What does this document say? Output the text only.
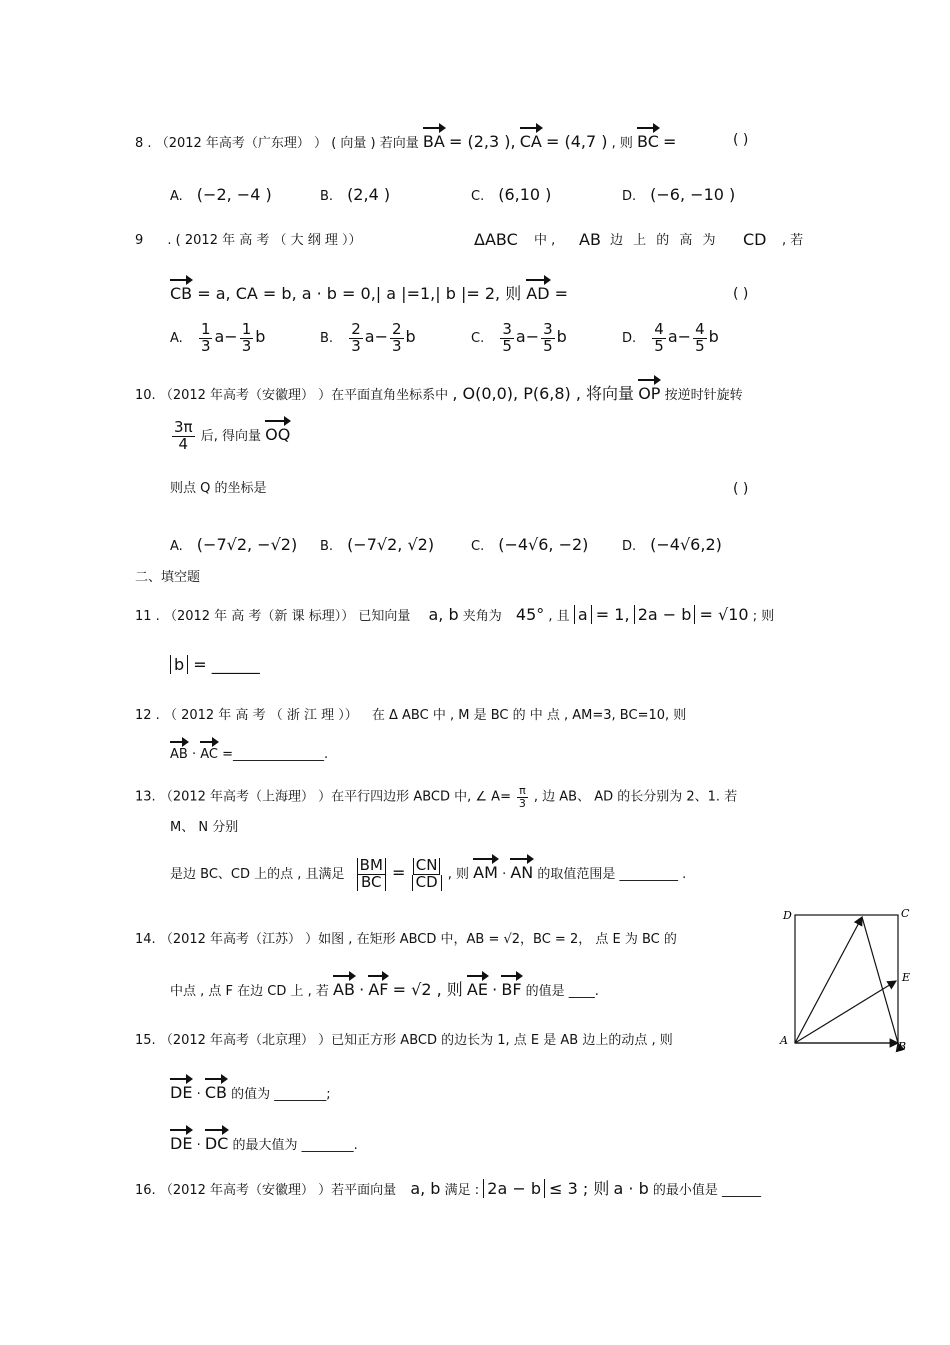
8 . （2012 年高考（广东理） ） ( 向量 ) 若向量 BA = (2,3 ), CA = (4,7 ) , 则 BC =	( )
A. (−2, −4 )	B. (2,4 )	C. (6,10 )	D. (−6, −10 )
9 . ( 2012 年 高 考 （ 大 纲 理 ））	ΔABC 中 , AB 边 上 的 高 为 CD , 若
CB = a, CA = b, a · b = 0,| a |=1,| b |= 2, 则 AD =	( )
A. $\frac{1}{3} a- \frac{1}{3}$ b	B. $\frac{2}{3} a- \frac{2}{3}$ b	C. $\frac{3}{5} a- \frac{3}{5}$ b	D. $\frac{4}{5} a- \frac{4}{5}$ b
10. （2012 年高考（安徽理） ）在平面直角坐标系中 , O(0,0), P(6,8) , 将向量 OP 按逆时针旋转
$\frac{3\pi}{4}$ 后, 得向量 OQ
则点 Q 的坐标是	( )
A. (−7√2, −√2) B. (−7√2, √2)	C. (−4√6, −2)	D. (−4√6,2)
二、填空题
11 . （2012 年 高 考（新 课 标理）） 已知向量 a, b 夹角为 45° , 且 a = 1, 2a − b = √10 ; 则
b = ______
12 . （ 2012 年 高 考 （ 浙 江 理 ）） 在 Δ ABC 中 , M 是 BC 的 中 点 , AM=3, BC=10, 则
AB · AC =______________.
13. （2012 年高考（上海理） ）在平行四边形 ABCD 中, ∠ $A= \frac{\pi}{3}$ , 边 AB、 AD 的长分别为 2、1. 若
M、 N 分别
是边 BC、CD 上的点 , 且满足 $\frac{BM}{BC} = \frac{CN}{CD}$ , 则 AM · AN 的取值范围是 _________ .
14. （2012 年高考（江苏） ）如图 , 在矩形 ABCD 中，AB = √2，BC = 2， 点 E 为 BC 的
中点 , 点 F 在边 CD 上 , 若 AB · AF = √2 , 则 AE · BF 的值是 ____.
D	C
E
A	B
15. （2012 年高考（北京理） ）已知正方形 ABCD 的边长为 1, 点 E 是 AB 边上的动点 , 则
DE · CB 的值为 ________;
DE · DC 的最大值为 ________.
16. （2012 年高考（安徽理） ）若平面向量 a, b 满足 : 2a − b ≤ 3 ; 则 a · b 的最小值是 ______
